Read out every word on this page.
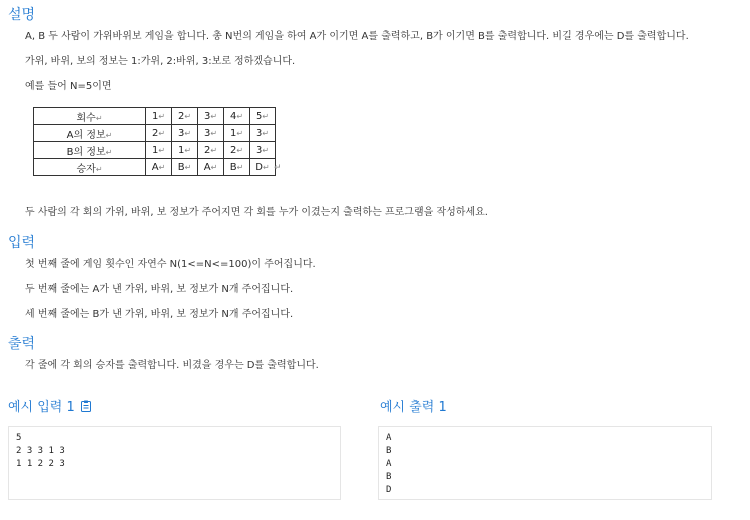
설명

A, B 두 사람이 가위바위보 게임을 합니다. 총 N번의 게임을 하여 A가 이기면 A를 출력하고, B가 이기면 B를 출력합니다. 비길 경우에는 D를 출력합니다.

가위, 바위, 보의 정보는 1:가위, 2:바위, 3:보로 정하겠습니다.

예를 들어 N=5이면

회수↵	1↵	2↵	3↵	4↵	5↵
A의 정보↵	2↵	3↵	3↵	1↵	3↵
B의 정보↵	1↵	1↵	2↵	2↵	3↵
승자↵	A↵	B↵	A↵	B↵	D↵ ↵

두 사람의 각 회의 가위, 바위, 보 정보가 주어지면 각 회를 누가 이겼는지 출력하는 프로그램을 작성하세요.

입력

첫 번째 줄에 게임 횟수인 자연수 N(1<=N<=100)이 주어집니다.

두 번째 줄에는 A가 낸 가위, 바위, 보 정보가 N개 주어집니다.

세 번째 줄에는 B가 낸 가위, 바위, 보 정보가 N개 주어집니다.

출력

각 줄에 각 회의 승자를 출력합니다. 비겼을 경우는 D를 출력합니다.

예시 입력 1	예시 출력 1
5
2 3 3 1 3
1 1 2 2 3
A
B
A
B
D
